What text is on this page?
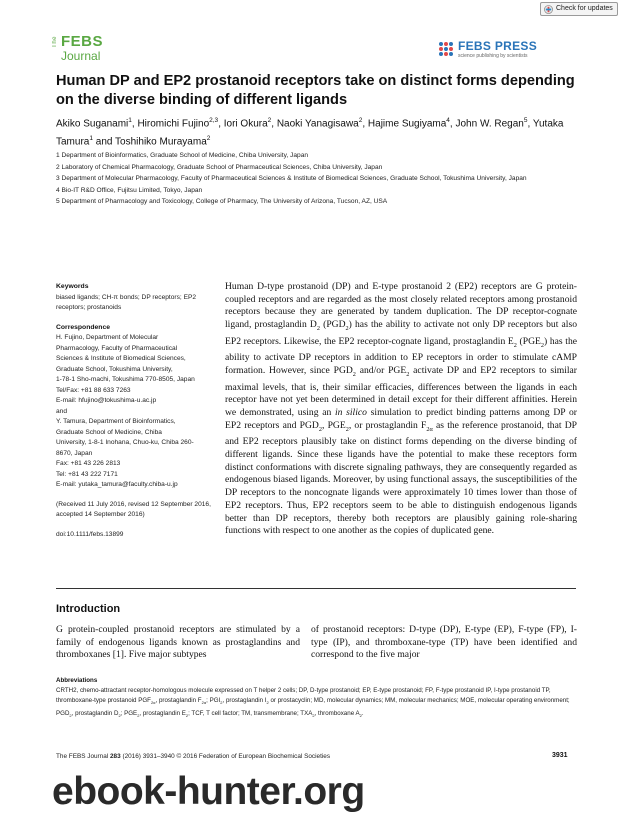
Check for updates
The FEBS
Journal
FEBS PRESS
science publishing by scientists
Human DP and EP2 prostanoid receptors take on distinct forms depending on the diverse binding of different ligands
Akiko Suganami$^1$, Hiromichi Fujino$^{2,3}$, Iori Okura$^2$, Naoki Yanagisawa$^2$, Hajime Sugiyama$^4$, John W. Regan$^5$, Yutaka Tamura$^1$ and Toshihiko Murayama$^2$

1 Department of Bioinformatics, Graduate School of Medicine, Chiba University, Japan

2 Laboratory of Chemical Pharmacology, Graduate School of Pharmaceutical Sciences, Chiba University, Japan

3 Department of Molecular Pharmacology, Faculty of Pharmaceutical Sciences & Institute of Biomedical Sciences, Graduate School, Tokushima University, Japan

4 Bio-IT R&D Office, Fujitsu Limited, Tokyo, Japan

5 Department of Pharmacology and Toxicology, College of Pharmacy, The University of Arizona, Tucson, AZ, USA

Keywords

biased ligands; CH-π bonds; DP receptors; EP2 receptors; prostanoids

Correspondence

H. Fujino, Department of Molecular

Pharmacology, Faculty of Pharmaceutical

Sciences & Institute of Biomedical Sciences,

Graduate School, Tokushima University,

1-78-1 Sho-machi, Tokushima 770-8505, Japan

Tel/Fax: +81 88 633 7263

E-mail: hfujino@tokushima-u.ac.jp

and

Y. Tamura, Department of Bioinformatics,

Graduate School of Medicine, Chiba

University, 1-8-1 Inohana, Chuo-ku, Chiba 260-

8670, Japan

Fax: +81 43 226 2813

Tel: +81 43 222 7171

E-mail: yutaka_tamura@faculty.chiba-u.jp

(Received 11 July 2016, revised 12 September 2016, accepted 14 September 2016)

doi:10.1111/febs.13899

Human D-type prostanoid (DP) and E-type prostanoid 2 (EP2) receptors are G protein-coupled receptors and are regarded as the most closely related receptors among prostanoid receptors because they are generated by tandem duplication. The DP receptor-cognate ligand, prostaglandin $D_2$ $(PGD_2)$ has the ability to activate not only DP receptors but also EP2 receptors. Likewise, the EP2 receptor-cognate ligand, prostaglandin $E_2$ $(PGE_2)$ has the ability to activate DP receptors in addition to EP receptors in order to stimulate cAMP formation. However, since $PGD_2$ and/or $PGE_2$ activate DP and EP2 receptors to similar maximal levels, that is, their similar efficacies, differences between the ligands in each receptor have not yet been determined in detail except for their different affinities. Herein we demonstrated, using an in silico simulation to predict binding patterns among DP or EP2 receptors and $PGD_2$, $PGE_2$, or prostaglandin $F_{2\alpha}$ as the reference prostanoid, that DP and EP2 receptors plausibly take on distinct forms depending on the diverse binding of different ligands. Since these ligands have the potential to make these receptors form distinct conformations with discrete signaling pathways, they are consequently regarded as endogenous biased ligands. Moreover, by using functional assays, the susceptibilities of the DP receptors to the noncognate ligands were approximately 10 times lower than those of EP2 receptors. Thus, EP2 receptors seem to be able to distinguish endogenous ligands better than DP receptors, thereby both receptors are plausibly gaining role-sharing functions with respect to one another as the copies of duplicated gene.

Introduction

G protein-coupled prostanoid receptors are stimulated by a family of endogenous ligands known as prostaglandins and thromboxanes [1]. Five major subtypes

of prostanoid receptors: D-type (DP), E-type (EP), F-type (FP), I-type (IP), and thromboxane-type (TP) have been identified and correspond to the five major

Abbreviations

CRTH2, chemo-attractant receptor-homologous molecule expressed on T helper 2 cells; DP, D-type prostanoid; EP, E-type prostanoid; FP, F-type prostanoid IP, I-type prostanoid TP, thromboxane-type prostanoid $PGF_{2\alpha}$, prostaglandin $F_{2\alpha}$; $PGI_2$, prostaglandin $I_2$ or prostacyclin; MD, molecular dynamics; MM, molecular mechanics; MOE, molecular operating environment; $PGD_2$, prostaglandin $D_2$; $PGE_2$, prostaglandin $E_2$; TCF, T cell factor; TM, transmembrane; $TXA_2$, thromboxane $A_2$.

The FEBS Journal 283 (2016) 3931–3940 © 2016 Federation of European Biochemical Societies	3931
ebook-hunter.org
